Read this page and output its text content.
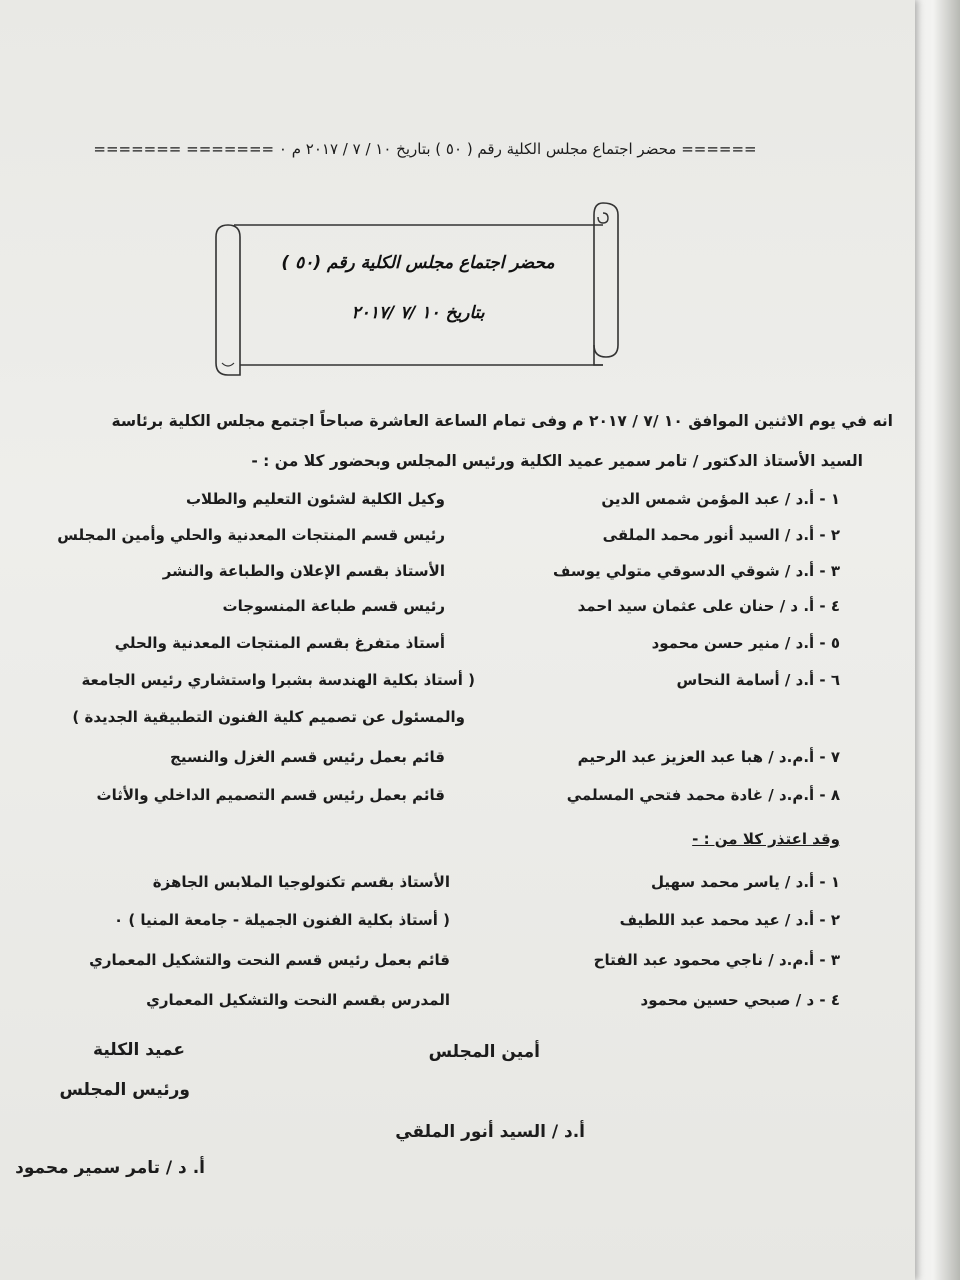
====== محضر اجتماع مجلس الكلية رقم ( ٥٠ ) بتاريخ ١٠ / ٧ / ٢٠١٧ م ٠ ======= =======
محضر اجتماع مجلس الكلية رقم (٥٠ )
بتاريخ ١٠ /٧ /٢٠١٧
انه في يوم الاثنين الموافق ١٠ /٧ / ٢٠١٧ م وفى تمام الساعة العاشرة صباحاً اجتمع مجلس الكلية برئاسة
السيد الأستاذ الدكتور / تامر سمير عميد الكلية ورئيس المجلس وبحضور كلا من : -
١ - أ.د / عبد المؤمن شمس الدين
وكيل الكلية لشئون التعليم والطلاب
٢ - أ.د / السيد أنور محمد الملقى
رئيس قسم المنتجات المعدنية والحلي وأمين المجلس
٣ - أ.د / شوقي الدسوقي متولي يوسف
الأستاذ بقسم الإعلان والطباعة والنشر
٤ - أ. د / حنان على عثمان سيد احمد
رئيس قسم طباعة المنسوجات
٥ - أ.د / منير حسن محمود
أستاذ متفرغ بقسم المنتجات المعدنية والحلي
٦ - أ.د / أسامة النحاس
( أستاذ بكلية الهندسة بشبرا واستشاري رئيس الجامعة
والمسئول عن تصميم كلية الفنون التطبيقية الجديدة )
٧ - أ.م.د / هبا عبد العزيز عبد الرحيم
قائم بعمل رئيس قسم الغزل والنسيج
٨ - أ.م.د / غادة محمد فتحي المسلمي
قائم بعمل رئيس قسم التصميم الداخلي والأثاث
وقد اعتذر كلا من : -
١ - أ.د / ياسر محمد سهيل
الأستاذ بقسم تكنولوجيا الملابس الجاهزة
٢ - أ.د / عيد محمد عبد اللطيف
( أستاذ بكلية الفنون الجميلة - جامعة المنيا ) ٠
٣ - أ.م.د / ناجي محمود عبد الفتاح
قائم بعمل رئيس قسم النحت والتشكيل المعماري
٤ - د / صبحي حسين محمود
المدرس بقسم النحت والتشكيل المعماري
أمين المجلس
عميد الكلية
ورئيس المجلس
أ.د / السيد أنور الملقي
أ. د / تامر سمير محمود
